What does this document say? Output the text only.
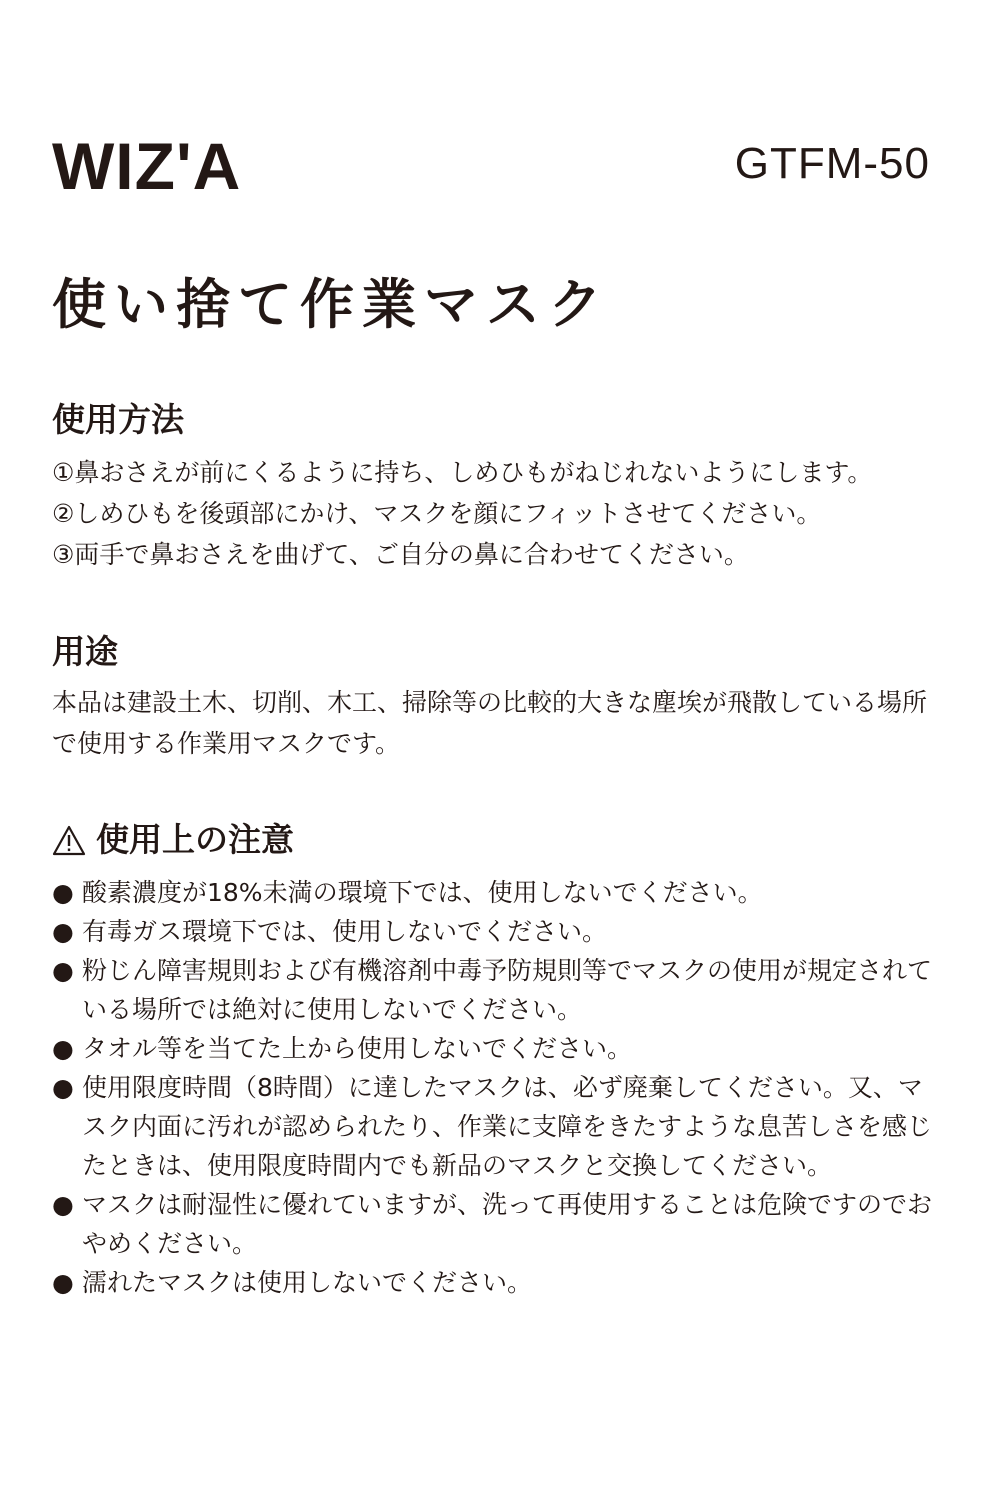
WIZ'A	GTFM-50
使い捨て作業マスク
使用方法
①鼻おさえが前にくるように持ち、しめひもがねじれないようにします。
②しめひもを後頭部にかけ、マスクを顔にフィットさせてください。
③両手で鼻おさえを曲げて、ご自分の鼻に合わせてください。
用途

本品は建設土木、切削、木工、掃除等の比較的大きな塵埃が飛散している場所で使用する作業用マスクです。

使用上の注意
● 酸素濃度が18%未満の環境下では、使用しないでください。
● 有毒ガス環境下では、使用しないでください。
● 粉じん障害規則および有機溶剤中毒予防規則等でマスクの使用が規定されている場所では絶対に使用しないでください。
● タオル等を当てた上から使用しないでください。
● 使用限度時間（8時間）に達したマスクは、必ず廃棄してください。又、マスク内面に汚れが認められたり、作業に支障をきたすような息苦しさを感じたときは、使用限度時間内でも新品のマスクと交換してください。
● マスクは耐湿性に優れていますが、洗って再使用することは危険ですのでおやめください。
● 濡れたマスクは使用しないでください。
